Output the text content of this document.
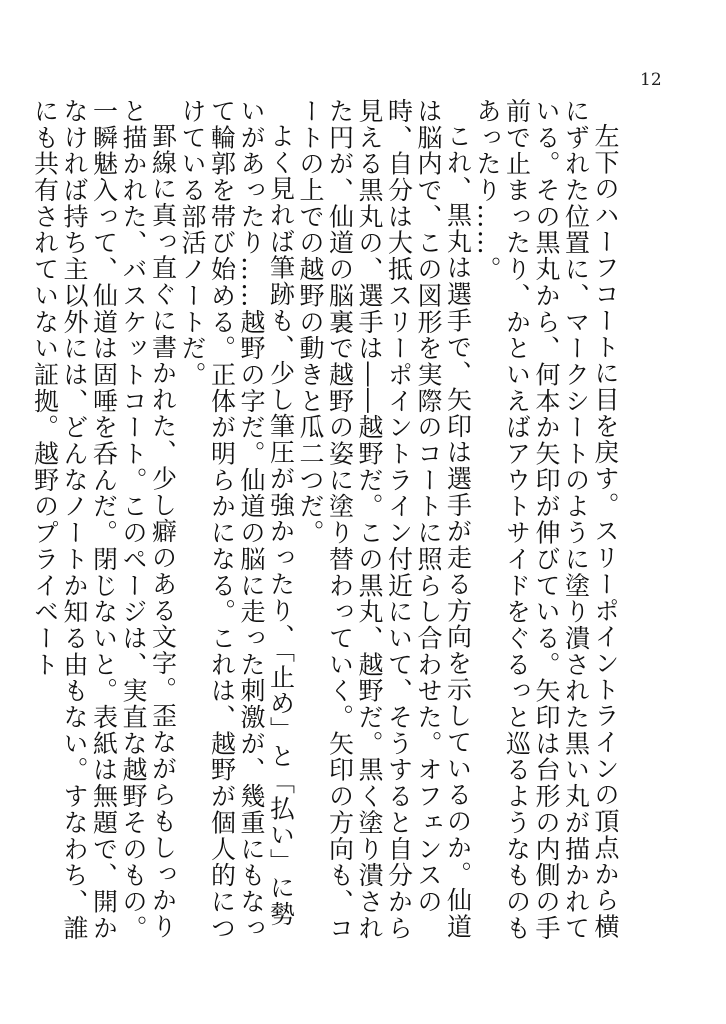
12

左下のハーフコートに目を戻す。スリーポイントラインの頂点から横にずれた位置に、マークシートのように塗り潰された黒い丸が描かれている。その黒丸から、何本か矢印が伸びている。矢印は台形の内側の手前で止まったり、かといえばアウトサイドをぐるっと巡るようなものもあったり……。

これ、黒丸は選手で、矢印は選手が走る方向を示しているのか。仙道は脳内で、この図形を実際のコートに照らし合わせた。オフェンスの時、自分は大抵スリーポイントライン付近にいて、そうすると自分から見える黒丸の、選手は――越野だ。この黒丸、越野だ。黒く塗り潰された円が、仙道の脳裏で越野の姿に塗り替わっていく。矢印の方向も、コートの上での越野の動きと瓜二つだ。

よく見れば筆跡も、少し筆圧が強かったり、「止め」と「払い」に勢いがあったり……越野の字だ。仙道の脳に走った刺激が、幾重にもなって輪郭を帯び始める。正体が明らかになる。これは、越野が個人的につけている部活ノートだ。

罫線に真っ直ぐに書かれた、少し癖のある文字。歪ながらもしっかりと描かれた、バスケットコート。このページは、実直な越野そのもの。一瞬魅入って、仙道は固唾を呑んだ。閉じないと。表紙は無題で、開かなければ持ち主以外には、どんなノートか知る由もない。すなわち、誰にも共有されていない証拠。越野のプライベート
